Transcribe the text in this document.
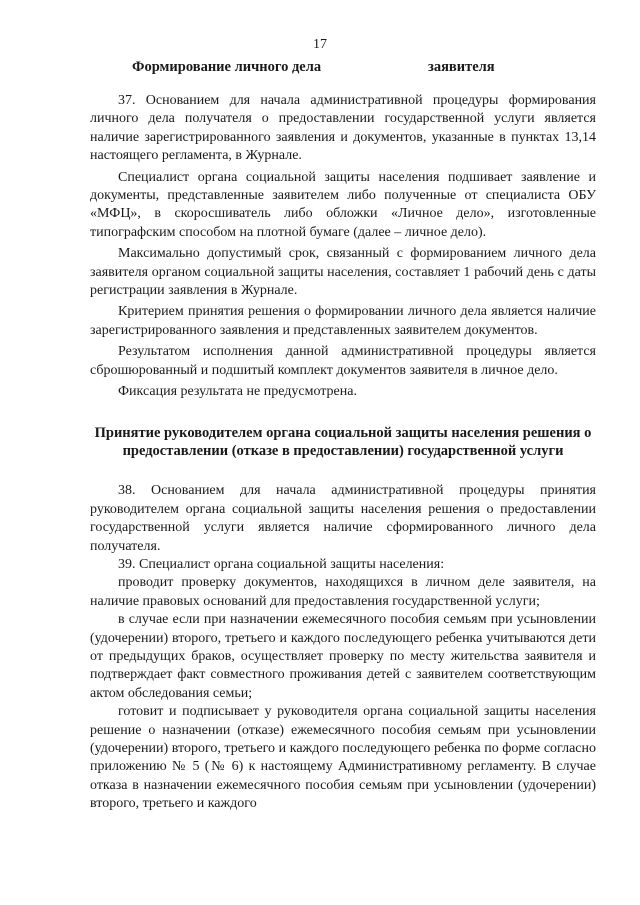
17
Формирование личного дела	заявителя

37. Основанием для начала административной процедуры формирования личного дела получателя о предоставлении государственной услуги является наличие зарегистрированного заявления и документов, указанные в пунктах 13,14 настоящего регламента, в Журнале.

Специалист органа социальной защиты населения подшивает заявление и документы, представленные заявителем либо полученные от специалиста ОБУ «МФЦ», в скоросшиватель либо обложки «Личное дело», изготовленные типографским способом на плотной бумаге (далее – личное дело).

Максимально допустимый срок, связанный с формированием личного дела заявителя органом социальной защиты населения, составляет 1 рабочий день с даты регистрации заявления в Журнале.

Критерием принятия решения о формировании личного дела является наличие зарегистрированного заявления и представленных заявителем документов.

Результатом исполнения данной административной процедуры является сброшюрованный и подшитый комплект документов заявителя в личное дело.

Фиксация результата не предусмотрена.

Принятие руководителем органа социальной защиты населения решения о предоставлении (отказе в предоставлении) государственной услуги

38. Основанием для начала административной процедуры принятия руководителем органа социальной защиты населения решения о предоставлении государственной услуги является наличие сформированного личного дела получателя.

39. Специалист органа социальной защиты населения:

проводит проверку документов, находящихся в личном деле заявителя, на наличие правовых оснований для предоставления государственной услуги;

в случае если при назначении ежемесячного пособия семьям при усыновлении (удочерении) второго, третьего и каждого последующего ребенка учитываются дети от предыдущих браков, осуществляет проверку по месту жительства заявителя и подтверждает факт совместного проживания детей с заявителем соответствующим актом обследования семьи;

готовит и подписывает у руководителя органа социальной защиты населения решение о назначении (отказе) ежемесячного пособия семьям при усыновлении (удочерении) второго, третьего и каждого последующего ребенка по форме согласно приложению № 5 (№ 6) к настоящему Административному регламенту. В случае отказа в назначении ежемесячного пособия семьям при усыновлении (удочерении) второго, третьего и каждого
